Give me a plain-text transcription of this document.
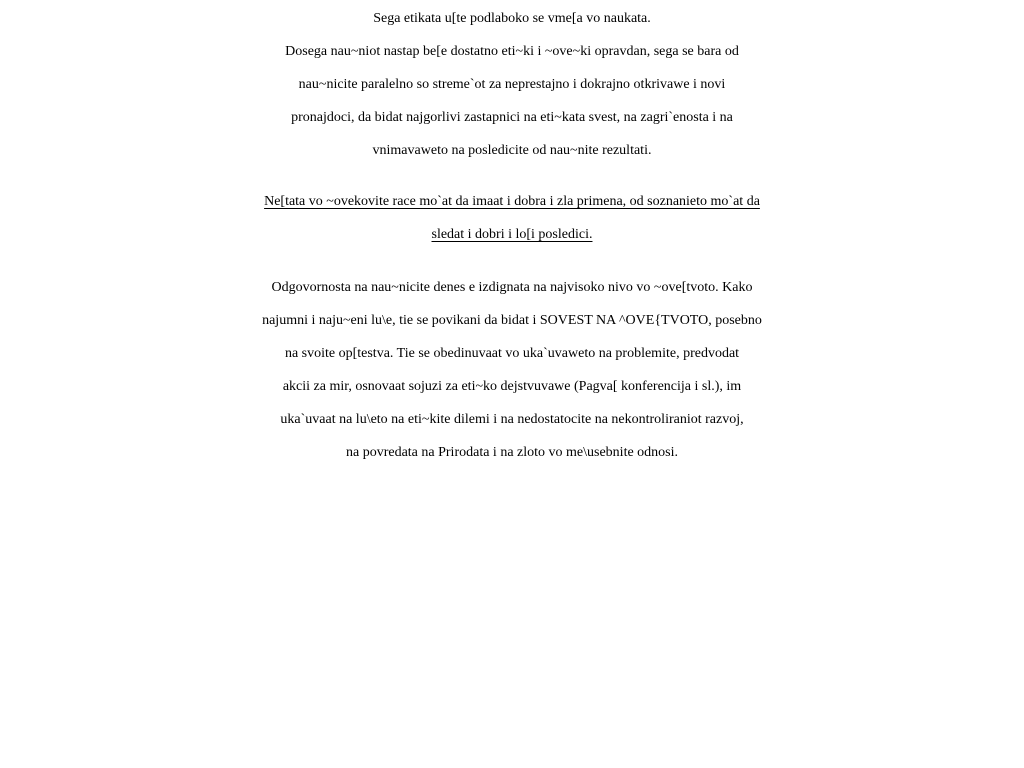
Sega etikata u[te podlaboko se vme[a vo naukata.
Dosega nau~niot nastap be[e dostatno eti~ki i ~ove~ki opravdan, sega se bara od
nau~nicite paralelno so streme`ot za neprestajno i dokrajno otkrivawe i novi
pronajdoci, da bidat najgorlivi zastapnici na eti~kata svest, na zagri`enosta i na
vnimavaweto na posledicite od nau~nite rezultati.
Ne[tata vo ~ovekovite race mo`at da imaat i dobra i zla primena, od soznanieto mo`at da
sledat i dobri i lo[i posledici.
Odgovornosta na nau~nicite denes e izdignata na najvisoko nivo vo ~ove[tvoto. Kako
najumni i naju~eni lu\e, tie se povikani da bidat i SOVEST NA ^OVE{TVOTO, posebno
na svoite op[testva. Tie se obedinuvaat vo uka`uvaweto na problemite, predvodat
akcii za mir, osnovaat sojuzi za eti~ko dejstvuvawe (Pagva[ konferencija i sl.), im
uka`uvaat na lu\eto na eti~kite dilemi i na nedostatocite na nekontroliraniot razvoj,
na povredata na Prirodata i na zloto vo me\usebnite odnosi.
